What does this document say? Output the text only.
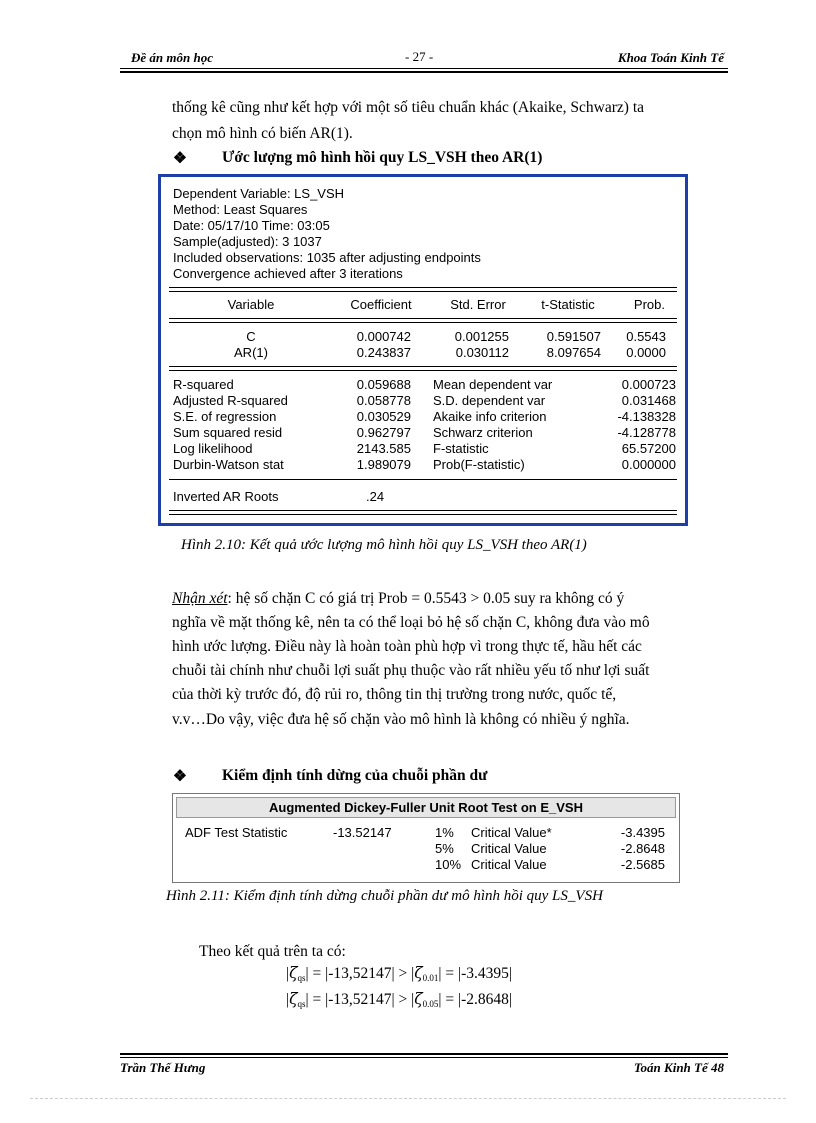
Đề án môn học	- 27 -	Khoa Toán Kinh Tế
thống kê cũng như kết hợp với một số tiêu chuẩn khác (Akaike, Schwarz) ta
chọn mô hình có biến AR(1).
❖ Ước lượng mô hình hồi quy LS_VSH theo AR(1)
Dependent Variable: LS_VSH
Method: Least Squares
Date: 05/17/10 Time: 03:05
Sample(adjusted): 3 1037
Included observations: 1035 after adjusting endpoints
Convergence achieved after 3 iterations
Variable	Coefficient	Std. Error	t-Statistic	Prob.
C	0.000742	0.001255	0.591507	0.5543
AR(1)	0.243837	0.030112	8.097654	0.0000
R-squared	0.059688 Mean dependent var	0.000723
Adjusted R-squared	0.058778 S.D. dependent var	0.031468
S.E. of regression	0.030529 Akaike info criterion	-4.138328
Sum squared resid	0.962797 Schwarz criterion	-4.128778
Log likelihood	2143.585 F-statistic	65.57200
Durbin-Watson stat	1.989079 Prob(F-statistic)	0.000000
Inverted AR Roots	.24
Hình 2.10: Kết quả ước lượng mô hình hồi quy LS_VSH theo AR(1)
Nhận xét: hệ số chặn C có giá trị Prob = 0.5543 > 0.05 suy ra không có ý
nghĩa về mặt thống kê, nên ta có thể loại bỏ hệ số chặn C, không đưa vào mô
hình ước lượng. Điều này là hoàn toàn phù hợp vì trong thực tế, hầu hết các
chuỗi tài chính như chuỗi lợi suất phụ thuộc vào rất nhiều yếu tố như lợi suất
của thời kỳ trước đó, độ rủi ro, thông tin thị trường trong nước, quốc tế,
v.v…Do vậy, việc đưa hệ số chặn vào mô hình là không có nhiều ý nghĩa.
❖ Kiểm định tính dừng của chuỗi phần dư
Augmented Dickey-Fuller Unit Root Test on E_VSH
ADF Test Statistic	-13.52147	1% Critical Value*	-3.4395
5% Critical Value	-2.8648
10% Critical Value	-2.5685
Hình 2.11: Kiểm định tính dừng chuỗi phần dư mô hình hồi quy LS_VSH
Theo kết quả trên ta có:
$|\zeta_{qs}| = |-13,52147| > |\zeta_{0.01}| = |-3.4395|$
$|\zeta_{qs}| = |-13,52147| > |\zeta_{0.05}| = |-2.8648|$
Trần Thế Hưng	Toán Kinh Tế 48
